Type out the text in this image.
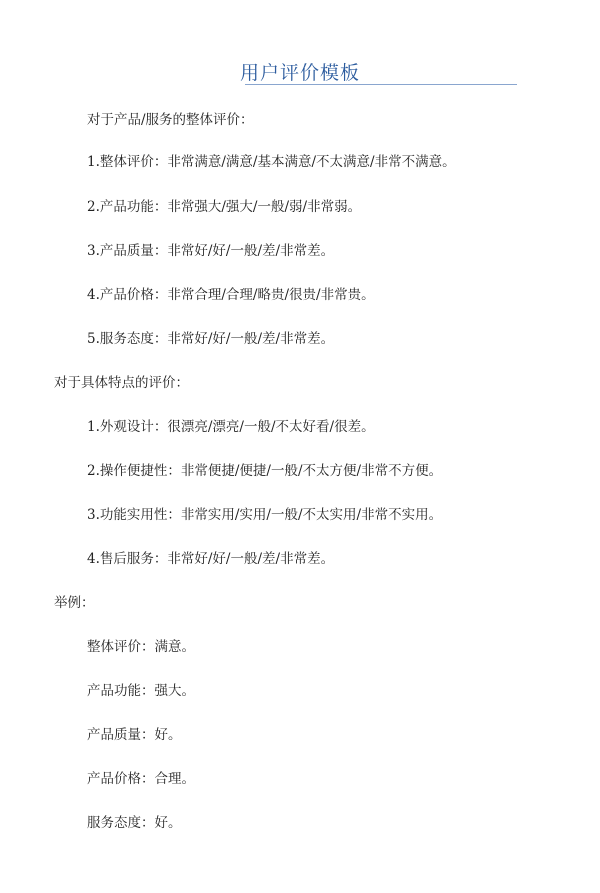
用户评价模板
对于产品/服务的整体评价：
1.整体评价：非常满意/满意/基本满意/不太满意/非常不满意。
2.产品功能：非常强大/强大/一般/弱/非常弱。
3.产品质量：非常好/好/一般/差/非常差。
4.产品价格：非常合理/合理/略贵/很贵/非常贵。
5.服务态度：非常好/好/一般/差/非常差。
对于具体特点的评价：
1.外观设计：很漂亮/漂亮/一般/不太好看/很差。
2.操作便捷性：非常便捷/便捷/一般/不太方便/非常不方便。
3.功能实用性：非常实用/实用/一般/不太实用/非常不实用。
4.售后服务：非常好/好/一般/差/非常差。
举例：
整体评价：满意。
产品功能：强大。
产品质量：好。
产品价格：合理。
服务态度：好。
